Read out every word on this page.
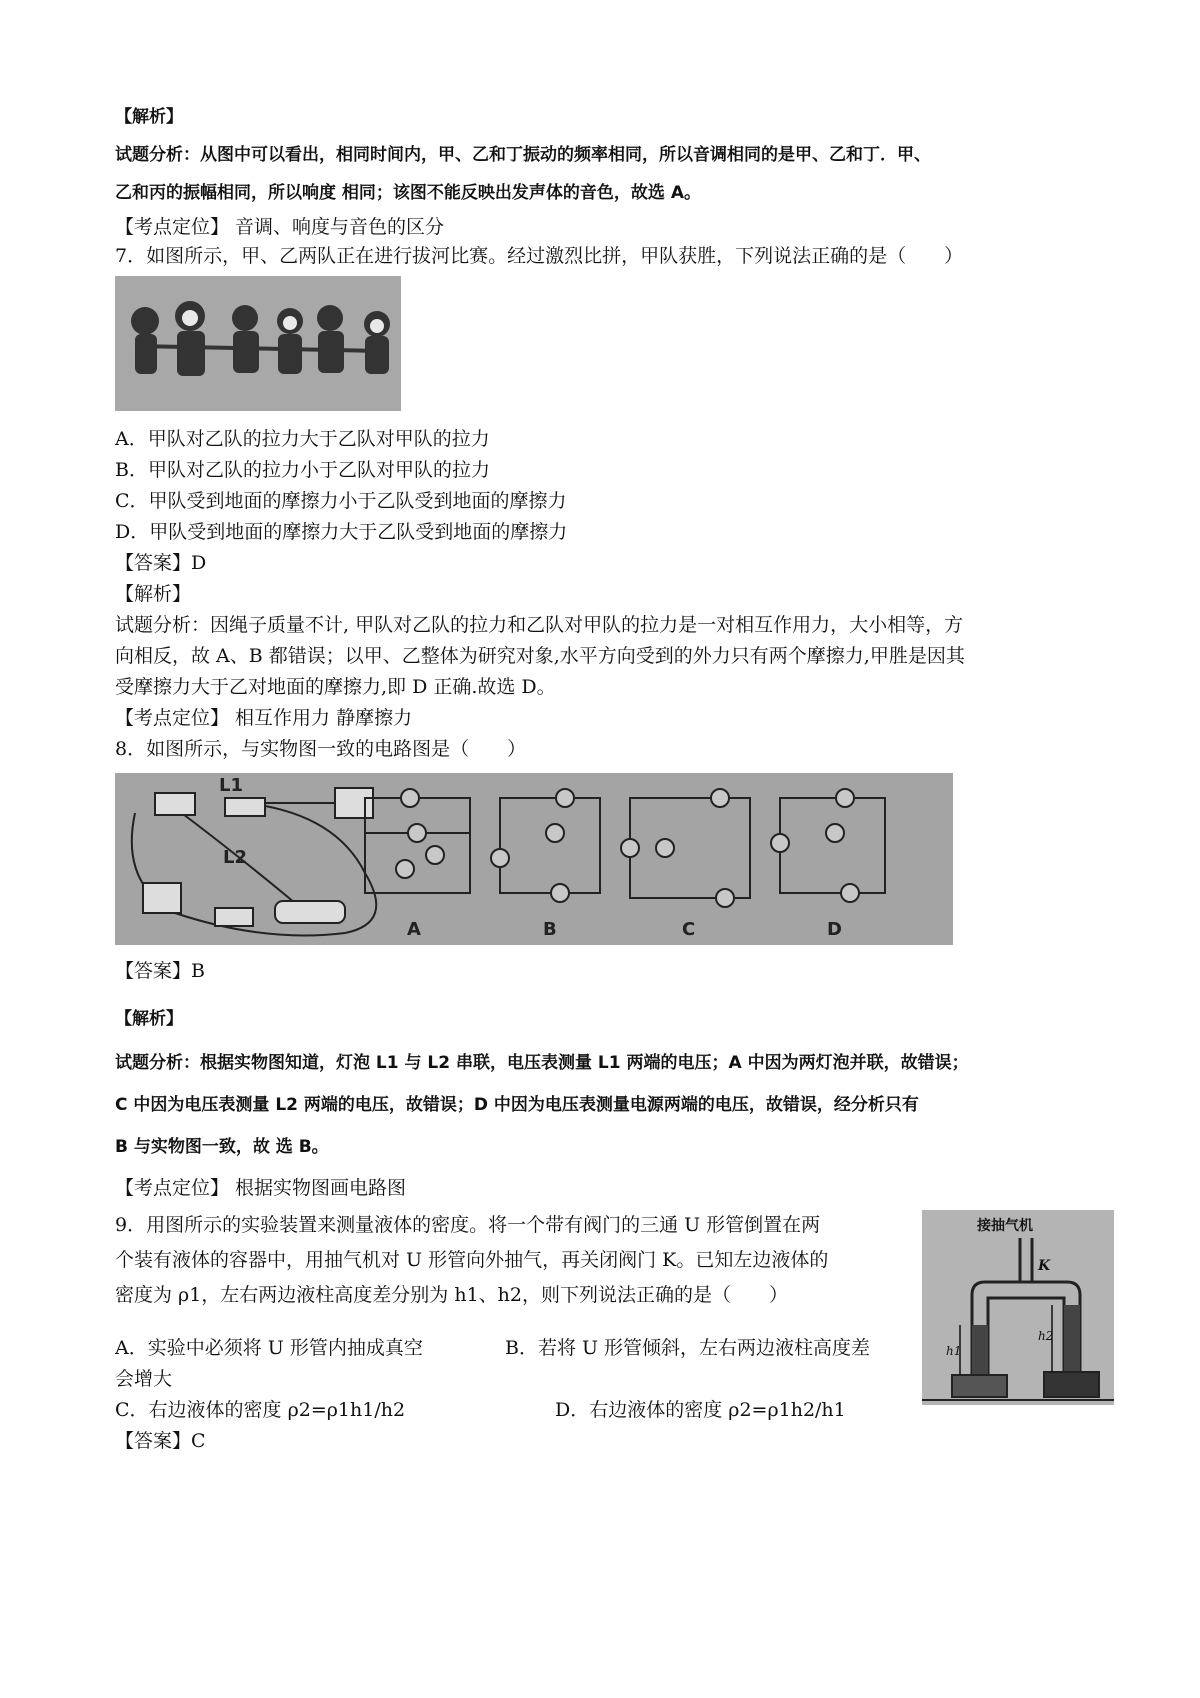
【解析】
试题分析：从图中可以看出，相同时间内，甲、乙和丁振动的频率相同，所以音调相同的是甲、乙和丁．甲、
乙和丙的振幅相同，所以响度 相同；该图不能反映出发声体的音色，故选 A。
【考点定位】 音调、响度与音色的区分
7．如图所示，甲、乙两队正在进行拔河比赛。经过激烈比拼，甲队获胜，下列说法正确的是（　　）
A．甲队对乙队的拉力大于乙队对甲队的拉力
B．甲队对乙队的拉力小于乙队对甲队的拉力
C．甲队受到地面的摩擦力小于乙队受到地面的摩擦力
D．甲队受到地面的摩擦力大于乙队受到地面的摩擦力
【答案】D
【解析】
试题分析：因绳子质量不计, 甲队对乙队的拉力和乙队对甲队的拉力是一对相互作用力，大小相等，方
向相反，故 A、B 都错误；以甲、乙整体为研究对象,水平方向受到的外力只有两个摩擦力,甲胜是因其
受摩擦力大于乙对地面的摩擦力,即 D 正确.故选 D。
【考点定位】 相互作用力 静摩擦力
8．如图所示，与实物图一致的电路图是（　　）
L1
L2
A	B	C	D
【答案】B
【解析】
试题分析：根据实物图知道，灯泡 L1 与 L2 串联，电压表测量 L1 两端的电压；A 中因为两灯泡并联，故错误；
C 中因为电压表测量 L2 两端的电压，故错误；D 中因为电压表测量电源两端的电压，故错误，经分析只有
B 与实物图一致，故 选 B。
【考点定位】 根据实物图画电路图
9．用图所示的实验装置来测量液体的密度。将一个带有阀门的三通 U 形管倒置在两
个装有液体的容器中，用抽气机对 U 形管向外抽气，再关闭阀门 K。已知左边液体的
密度为 ρ1，左右两边液柱高度差分别为 h1、h2，则下列说法正确的是（　　）
A．实验中必须将 U 形管内抽成真空	B．若将 U 形管倾斜，左右两边液柱高度差
会增大
C．右边液体的密度 ρ2=ρ1h1/h2	D．右边液体的密度 ρ2=ρ1h2/h1
【答案】C
接抽气机
K
h1
h2
